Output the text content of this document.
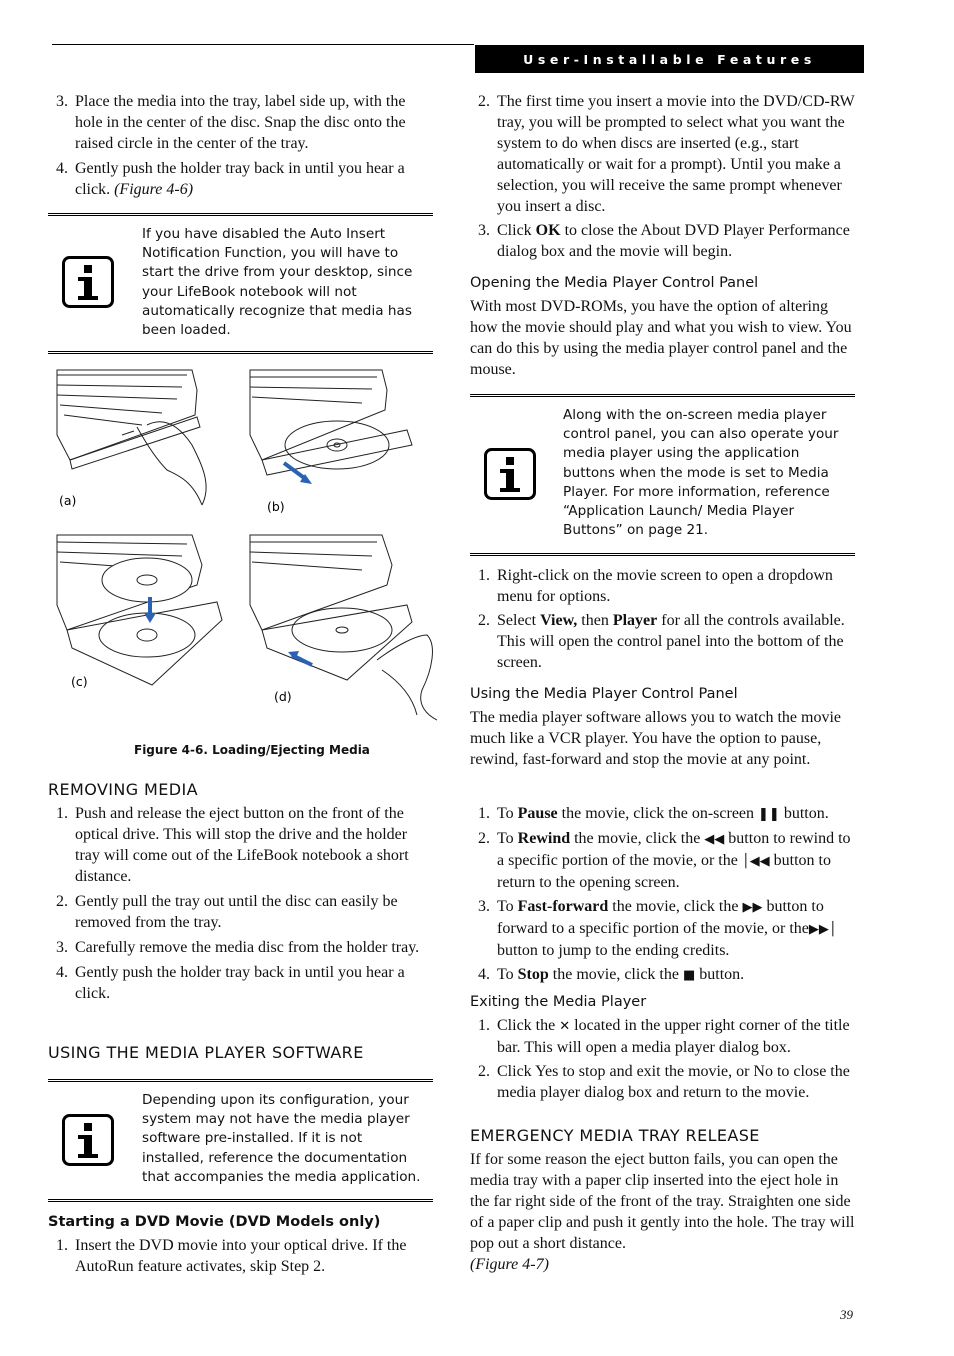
User-Installable Features
3. Place the media into the tray, label side up, with the hole in the center of the disc. Snap the disc onto the raised circle in the center of the tray.
4. Gently push the holder tray back in until you hear a click. (Figure 4-6)
If you have disabled the Auto Insert Notification Function, you will have to start the drive from your desktop, since your LifeBook notebook will not automatically recognize that media has been loaded.
(a)	(b)
(c)
(d)
Figure 4-6. Loading/Ejecting Media
REMOVING MEDIA
1. Push and release the eject button on the front of the optical drive. This will stop the drive and the holder tray will come out of the LifeBook notebook a short distance.
2. Gently pull the tray out until the disc can easily be removed from the tray.
3. Carefully remove the media disc from the holder tray.
4. Gently push the holder tray back in until you hear a click.
USING THE MEDIA PLAYER SOFTWARE
Depending upon its configuration, your system may not have the media player software pre-installed. If it is not installed, reference the documentation that accompanies the media application.
Starting a DVD Movie (DVD Models only)
1. Insert the DVD movie into your optical drive. If the AutoRun feature activates, skip Step 2.
2. The first time you insert a movie into the DVD/CD-RW tray, you will be prompted to select what you want the system to do when discs are inserted (e.g., start automatically or wait for a prompt). Until you make a selection, you will receive the same prompt whenever you insert a disc.
3. Click OK to close the About DVD Player Performance dialog box and the movie will begin.
Opening the Media Player Control Panel
With most DVD-ROMs, you have the option of altering how the movie should play and what you wish to view. You can do this by using the media player control panel and the mouse.
Along with the on-screen media player control panel, you can also operate your media player using the application buttons when the mode is set to Media Player. For more information, reference “Application Launch/ Media Player Buttons” on page 21.
1. Right-click on the movie screen to open a dropdown menu for options.
2. Select View, then Player for all the controls available. This will open the control panel into the bottom of the screen.
Using the Media Player Control Panel
The media player software allows you to watch the movie much like a VCR player. You have the option to pause, rewind, fast-forward and stop the movie at any point.
1. To Pause the movie, click the on-screen ❚❚ button.
2. To Rewind the movie, click the ◀◀ button to rewind to a specific portion of the movie, or the │◀◀ button to return to the opening screen.
3. To Fast-forward the movie, click the ▶▶ button to forward to a specific portion of the movie, or the▶▶│ button to jump to the ending credits.
4. To Stop the movie, click the ■ button.
Exiting the Media Player
1. Click the ✕ located in the upper right corner of the title bar. This will open a media player dialog box.
2. Click Yes to stop and exit the movie, or No to close the media player dialog box and return to the movie.
EMERGENCY MEDIA TRAY RELEASE
If for some reason the eject button fails, you can open the media tray with a paper clip inserted into the eject hole in the far right side of the front of the tray. Straighten one side of a paper clip and push it gently into the hole. The tray will pop out a short distance.
(Figure 4-7)
39
